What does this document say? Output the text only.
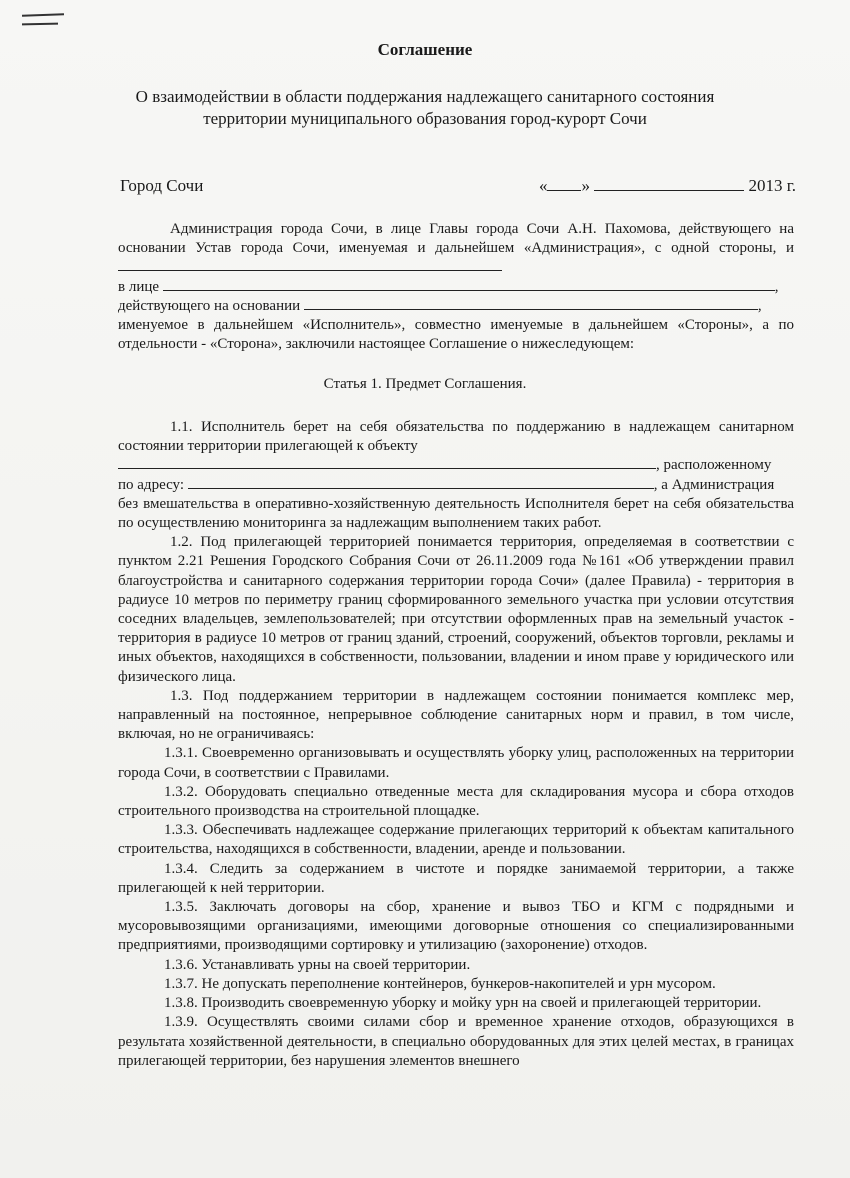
Соглашение
О взаимодействии в области поддержания надлежащего санитарного состояния
территории муниципального образования город-курорт Сочи
Город Сочи	« »	2013 г.

Администрация города Сочи, в лице Главы города Сочи А.Н. Пахомова, действующего на основании Устав города Сочи, именуемая и дальнейшем «Администрация», с одной стороны, и

в лице	,

действующего на основании	,

именуемое в дальнейшем «Исполнитель», совместно именуемые в дальнейшем «Стороны», а по отдельности - «Сторона», заключили настоящее Соглашение о нижеследующем:

Статья 1. Предмет Соглашения.

1.1. Исполнитель берет на себя обязательства по поддержанию в надлежащем санитарном состоянии территории прилегающей к объекту

, расположенному

по адресу:	, а Администрация

без вмешательства в оперативно-хозяйственную деятельность Исполнителя берет на себя обязательства по осуществлению мониторинга за надлежащим выполнением таких работ.

1.2. Под прилегающей территорией понимается территория, определяемая в соответствии с пунктом 2.21 Решения Городского Собрания Сочи от 26.11.2009 года №161 «Об утверждении правил благоустройства и санитарного содержания территории города Сочи» (далее Правила) - территория в радиусе 10 метров по периметру границ сформированного земельного участка при условии отсутствия соседних владельцев, землепользователей; при отсутствии оформленных прав на земельный участок - территория в радиусе 10 метров от границ зданий, строений, сооружений, объектов торговли, рекламы и иных объектов, находящихся в собственности, пользовании, владении и ином праве у юридического или физического лица.

1.3. Под поддержанием территории в надлежащем состоянии понимается комплекс мер, направленный на постоянное, непрерывное соблюдение санитарных норм и правил, в том числе, включая, но не ограничиваясь:

1.3.1. Своевременно организовывать и осуществлять уборку улиц, расположенных на территории города Сочи, в соответствии с Правилами.

1.3.2. Оборудовать специально отведенные места для складирования мусора и сбора отходов строительного производства на строительной площадке.

1.3.3. Обеспечивать надлежащее содержание прилегающих территорий к объектам капитального строительства, находящихся в собственности, владении, аренде и пользовании.

1.3.4. Следить за содержанием в чистоте и порядке занимаемой территории, а также прилегающей к ней территории.

1.3.5. Заключать договоры на сбор, хранение и вывоз ТБО и КГМ с подрядными и мусоровывозящими организациями, имеющими договорные отношения со специализированными предприятиями, производящими сортировку и утилизацию (захоронение) отходов.

1.3.6. Устанавливать урны на своей территории.

1.3.7. Не допускать переполнение контейнеров, бункеров-накопителей и урн мусором.

1.3.8. Производить своевременную уборку и мойку урн на своей и прилегающей территории.

1.3.9. Осуществлять своими силами сбор и временное хранение отходов, образующихся в результата хозяйственной деятельности, в специально оборудованных для этих целей местах, в границах прилегающей территории, без нарушения элементов внешнего
